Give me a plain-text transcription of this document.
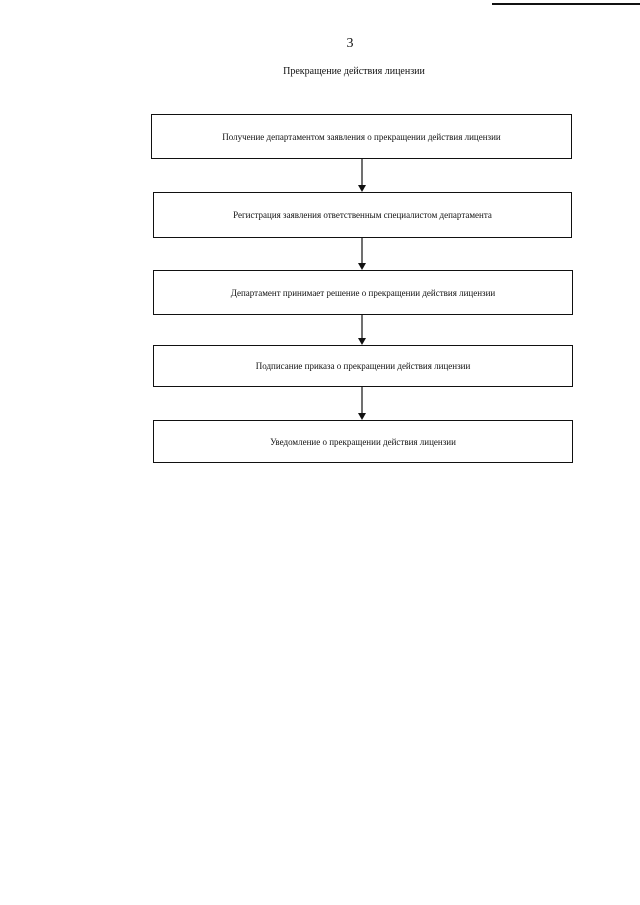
3
Прекращение действия лицензии
Получение департаментом заявления о прекращении действия лицензии
Регистрация заявления ответственным специалистом департамента
Департамент принимает решение о прекращении действия лицензии
Подписание приказа о прекращении действия лицензии
Уведомление о прекращении действия лицензии
